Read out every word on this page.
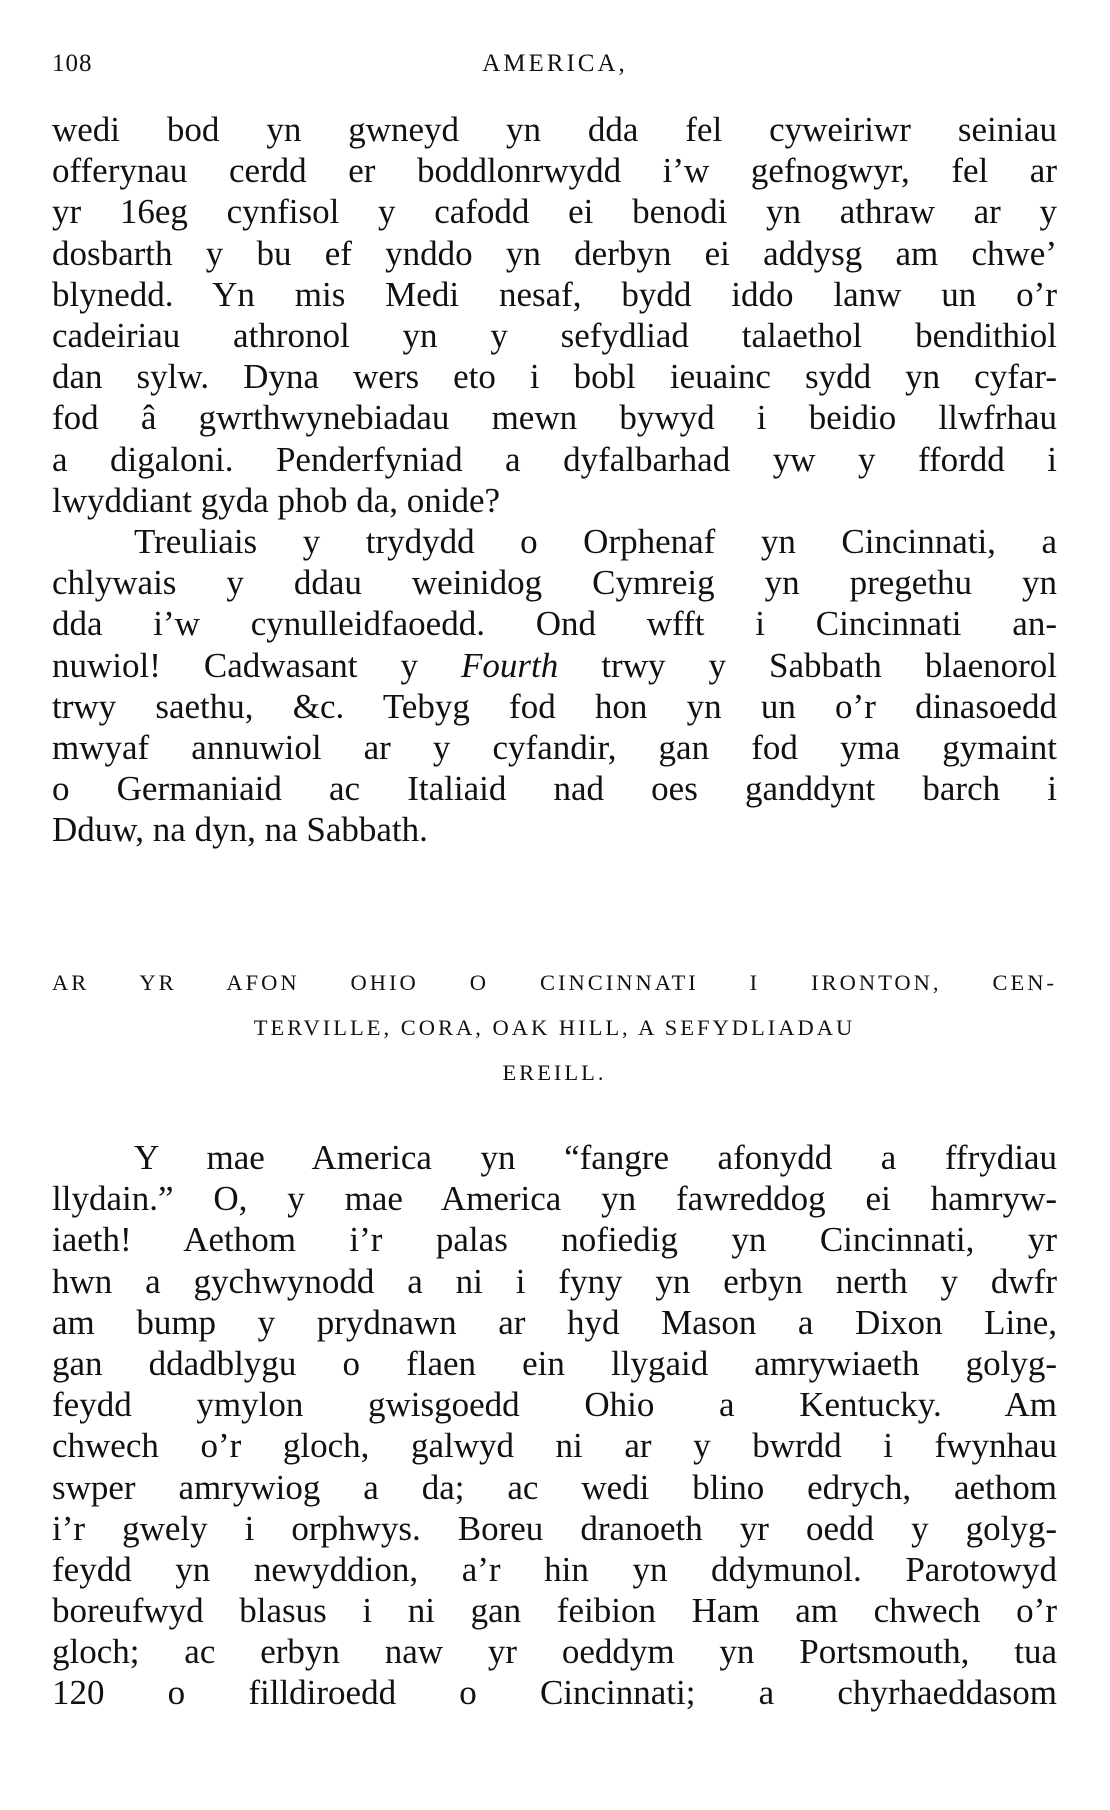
108	AMERICA,
wedi bod yn gwneyd yn dda fel cyweiriwr seiniau
offerynau cerdd er boddlonrwydd i’w gefnogwyr, fel ar
yr 16eg cynfisol y cafodd ei benodi yn athraw ar y
dosbarth y bu ef ynddo yn derbyn ei addysg am chwe’
blynedd. Yn mis Medi nesaf, bydd iddo lanw un o’r
cadeiriau athronol yn y sefydliad talaethol bendithiol
dan sylw. Dyna wers eto i bobl ieuainc sydd yn cyfar-
fod â gwrthwynebiadau mewn bywyd i beidio llwfrhau
a digaloni. Penderfyniad a dyfalbarhad yw y ffordd i
lwyddiant gyda phob da, onide?
Treuliais y trydydd o Orphenaf yn Cincinnati, a
chlywais y ddau weinidog Cymreig yn pregethu yn
dda i’w cynulleidfaoedd. Ond wfft i Cincinnati an-
nuwiol! Cadwasant y Fourth trwy y Sabbath blaenorol
trwy saethu, &c. Tebyg fod hon yn un o’r dinasoedd
mwyaf annuwiol ar y cyfandir, gan fod yma gymaint
o Germaniaid ac Italiaid nad oes ganddynt barch i
Dduw, na dyn, na Sabbath.
AR YR AFON OHIO O CINCINNATI I IRONTON, CEN-
TERVILLE, CORA, OAK HILL, A SEFYDLIADAU
EREILL.
Y mae America yn “fangre afonydd a ffrydiau
llydain.” O, y mae America yn fawreddog ei hamryw-
iaeth! Aethom i’r palas nofiedig yn Cincinnati, yr
hwn a gychwynodd a ni i fyny yn erbyn nerth y dwfr
am bump y prydnawn ar hyd Mason a Dixon Line,
gan ddadblygu o flaen ein llygaid amrywiaeth golyg-
feydd ymylon gwisgoedd Ohio a Kentucky. Am
chwech o’r gloch, galwyd ni ar y bwrdd i fwynhau
swper amrywiog a da; ac wedi blino edrych, aethom
i’r gwely i orphwys. Boreu dranoeth yr oedd y golyg-
feydd yn newyddion, a’r hin yn ddymunol. Parotowyd
boreufwyd blasus i ni gan feibion Ham am chwech o’r
gloch; ac erbyn naw yr oeddym yn Portsmouth, tua
120 o filldiroedd o Cincinnati; a chyrhaeddasom
